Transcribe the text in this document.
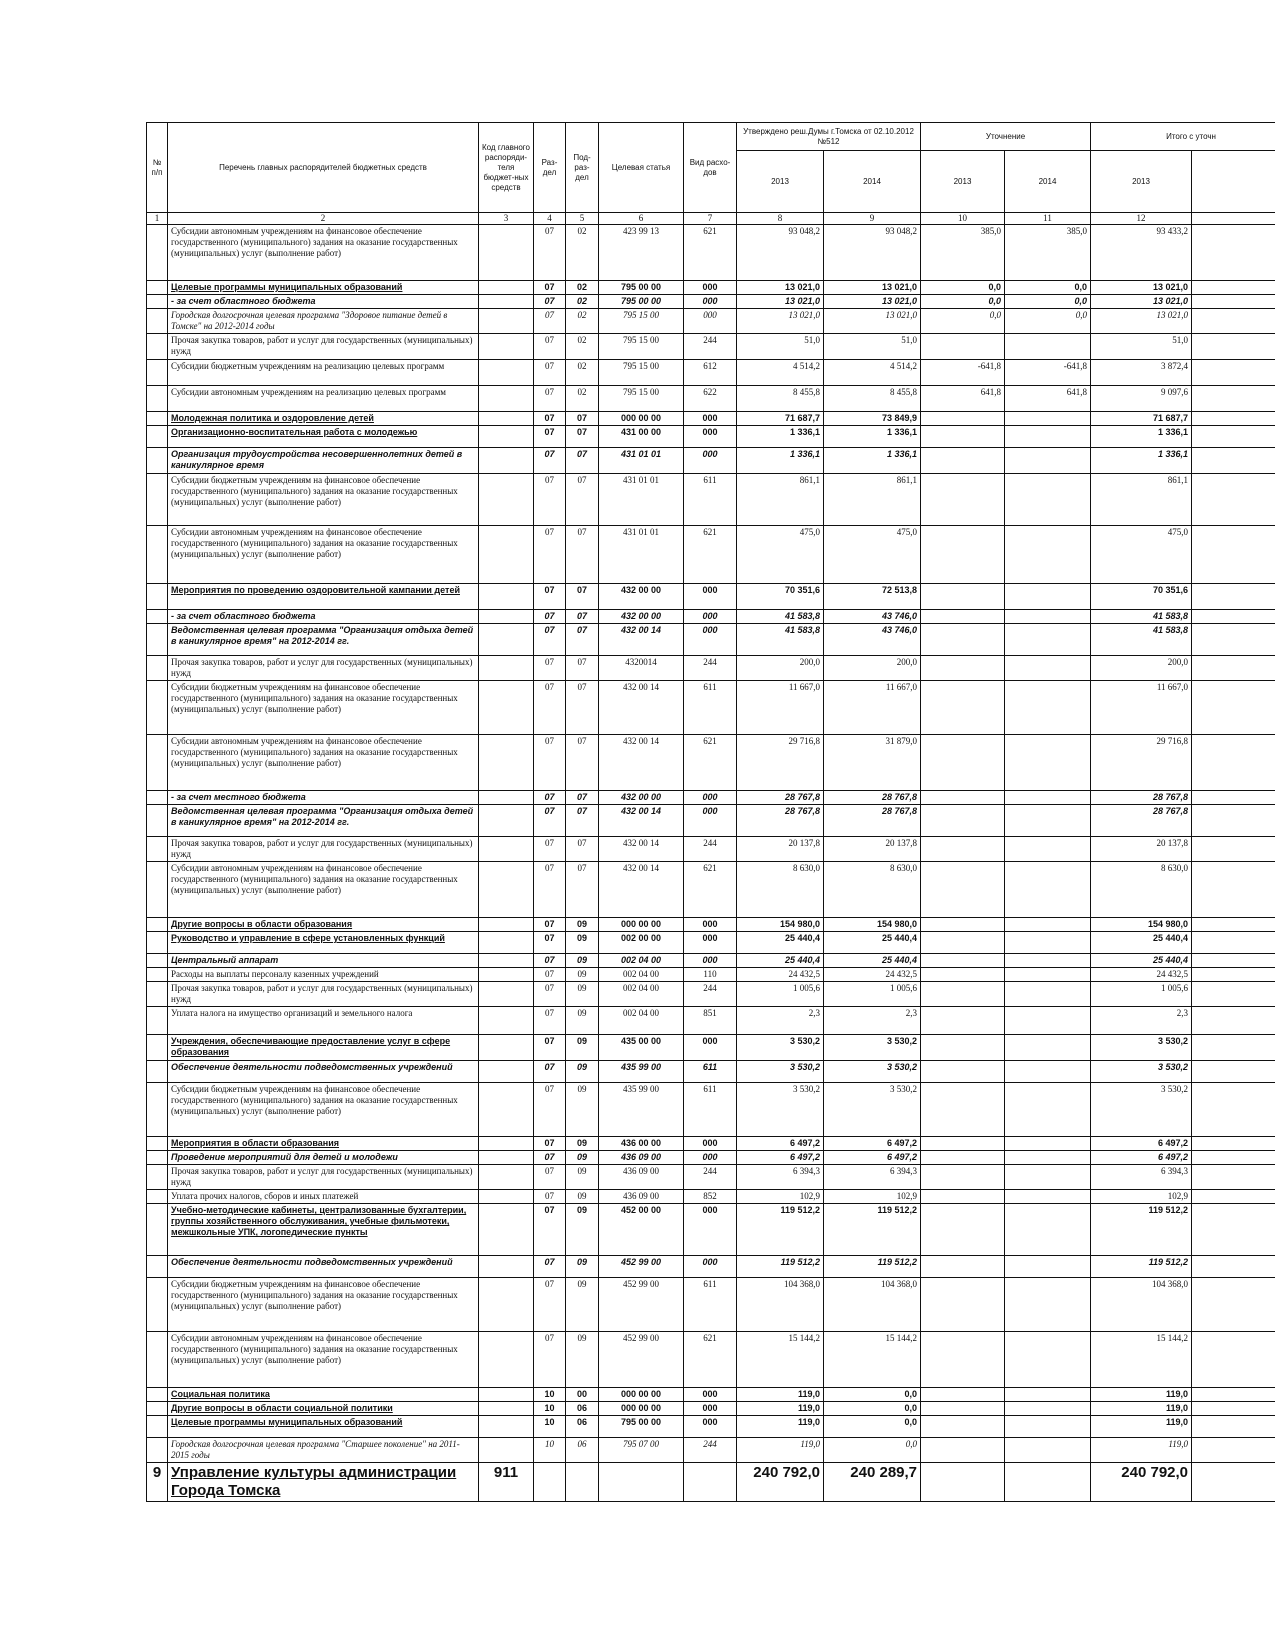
№ п/п	Перечень главных распорядителей бюджетных средств	Код главного распоряди-теля бюджет-ных средств	Раз-дел	Под-раз-дел	Целевая статья	Вид расхо-дов	Утверждено реш.Думы г.Томска от 02.10.2012 №512		Уточнение		Итого с уточн	
							2013	2014	2013	2014	2013	
1	2	3	4	5	6	7	8	9	10	11	12	
	Субсидии автономным учреждениям на финансовое обеспечение государственного (муниципального) задания на оказание государственных (муниципальных) услуг (выполнение работ)		07	02	423 99 13	621	93 048,2	93 048,2	385,0	385,0	93 433,2	
	Целевые программы муниципальных образований		07	02	795 00 00	000	13 021,0	13 021,0	0,0	0,0	13 021,0	
	- за счет областного бюджета		07	02	795 00 00	000	13 021,0	13 021,0	0,0	0,0	13 021,0	
	Городская долгосрочная целевая программа "Здоровое питание детей в Томске" на 2012-2014 годы		07	02	795 15 00	000	13 021,0	13 021,0	0,0	0,0	13 021,0	
	Прочая закупка товаров, работ и услуг для государственных (муниципальных) нужд		07	02	795 15 00	244	51,0	51,0			51,0	
	Субсидии бюджетным учреждениям на реализацию целевых программ		07	02	795 15 00	612	4 514,2	4 514,2	-641,8	-641,8	3 872,4	
	Субсидии автономным учреждениям на реализацию целевых программ		07	02	795 15 00	622	8 455,8	8 455,8	641,8	641,8	9 097,6	
	Молодежная политика и оздоровление детей		07	07	000 00 00	000	71 687,7	73 849,9			71 687,7	
	Организационно-воспитательная работа с молодежью		07	07	431 00 00	000	1 336,1	1 336,1			1 336,1	
	Организация трудоустройства несовершеннолетних детей в каникулярное время		07	07	431 01 01	000	1 336,1	1 336,1			1 336,1	
	Субсидии бюджетным учреждениям на финансовое обеспечение государственного (муниципального) задания на оказание государственных (муниципальных) услуг (выполнение работ)		07	07	431 01 01	611	861,1	861,1			861,1	
	Субсидии автономным учреждениям на финансовое обеспечение государственного (муниципального) задания на оказание государственных (муниципальных) услуг (выполнение работ)		07	07	431 01 01	621	475,0	475,0			475,0	
	Мероприятия по проведению оздоровительной кампании детей		07	07	432 00 00	000	70 351,6	72 513,8			70 351,6	
	- за счет областного бюджета		07	07	432 00 00	000	41 583,8	43 746,0			41 583,8	
	Ведомственная целевая программа "Организация отдыха детей в каникулярное время" на 2012-2014 гг.		07	07	432 00 14	000	41 583,8	43 746,0			41 583,8	
	Прочая закупка товаров, работ и услуг для государственных (муниципальных) нужд		07	07	4320014	244	200,0	200,0			200,0	
	Субсидии бюджетным учреждениям на финансовое обеспечение государственного (муниципального) задания на оказание государственных (муниципальных) услуг (выполнение работ)		07	07	432 00 14	611	11 667,0	11 667,0			11 667,0	
	Субсидии автономным учреждениям на финансовое обеспечение государственного (муниципального) задания на оказание государственных (муниципальных) услуг (выполнение работ)		07	07	432 00 14	621	29 716,8	31 879,0			29 716,8	
	- за счет местного бюджета		07	07	432 00 00	000	28 767,8	28 767,8			28 767,8	
	Ведомственная целевая программа "Организация отдыха детей в каникулярное время" на 2012-2014 гг.		07	07	432 00 14	000	28 767,8	28 767,8			28 767,8	
	Прочая закупка товаров, работ и услуг для государственных (муниципальных) нужд		07	07	432 00 14	244	20 137,8	20 137,8			20 137,8	
	Субсидии автономным учреждениям на финансовое обеспечение государственного (муниципального) задания на оказание государственных (муниципальных) услуг (выполнение работ)		07	07	432 00 14	621	8 630,0	8 630,0			8 630,0	
	Другие вопросы в области образования		07	09	000 00 00	000	154 980,0	154 980,0			154 980,0	
	Руководство и управление в сфере установленных функций		07	09	002 00 00	000	25 440,4	25 440,4			25 440,4	
	Центральный аппарат		07	09	002 04 00	000	25 440,4	25 440,4			25 440,4	
	Расходы на выплаты персоналу казенных учреждений		07	09	002 04 00	110	24 432,5	24 432,5			24 432,5	
	Прочая закупка товаров, работ и услуг для государственных (муниципальных) нужд		07	09	002 04 00	244	1 005,6	1 005,6			1 005,6	
	Уплата налога на имущество организаций и земельного налога		07	09	002 04 00	851	2,3	2,3			2,3	
	Учреждения, обеспечивающие предоставление услуг в сфере образования		07	09	435 00 00	000	3 530,2	3 530,2			3 530,2	
	Обеспечение деятельности подведомственных учреждений		07	09	435 99 00	611	3 530,2	3 530,2			3 530,2	
	Субсидии бюджетным учреждениям на финансовое обеспечение государственного (муниципального) задания на оказание государственных (муниципальных) услуг (выполнение работ)		07	09	435 99 00	611	3 530,2	3 530,2			3 530,2	
	Мероприятия в области образования		07	09	436 00 00	000	6 497,2	6 497,2			6 497,2	
	Проведение мероприятий для детей и молодежи		07	09	436 09 00	000	6 497,2	6 497,2			6 497,2	
	Прочая закупка товаров, работ и услуг для государственных (муниципальных) нужд		07	09	436 09 00	244	6 394,3	6 394,3			6 394,3	
	Уплата прочих налогов, сборов и иных платежей		07	09	436 09 00	852	102,9	102,9			102,9	
	Учебно-методические кабинеты, централизованные бухгалтерии, группы хозяйственного обслуживания, учебные фильмотеки, межшкольные УПК, логопедические пункты		07	09	452 00 00	000	119 512,2	119 512,2			119 512,2	
	Обеспечение деятельности подведомственных учреждений		07	09	452 99 00	000	119 512,2	119 512,2			119 512,2	
	Субсидии бюджетным учреждениям на финансовое обеспечение государственного (муниципального) задания на оказание государственных (муниципальных) услуг (выполнение работ)		07	09	452 99 00	611	104 368,0	104 368,0			104 368,0	
	Субсидии автономным учреждениям на финансовое обеспечение государственного (муниципального) задания на оказание государственных (муниципальных) услуг (выполнение работ)		07	09	452 99 00	621	15 144,2	15 144,2			15 144,2	
	Социальная политика		10	00	000 00 00	000	119,0	0,0			119,0	
	Другие вопросы в области социальной политики		10	06	000 00 00	000	119,0	0,0			119,0	
	Целевые программы муниципальных образований		10	06	795 00 00	000	119,0	0,0			119,0	
	Городская долгосрочная целевая программа "Старшее поколение" на 2011-2015 годы		10	06	795 07 00	244	119,0	0,0			119,0	
9	Управление культуры администрации Города Томска	911					240 792,0	240 289,7			240 792,0	
